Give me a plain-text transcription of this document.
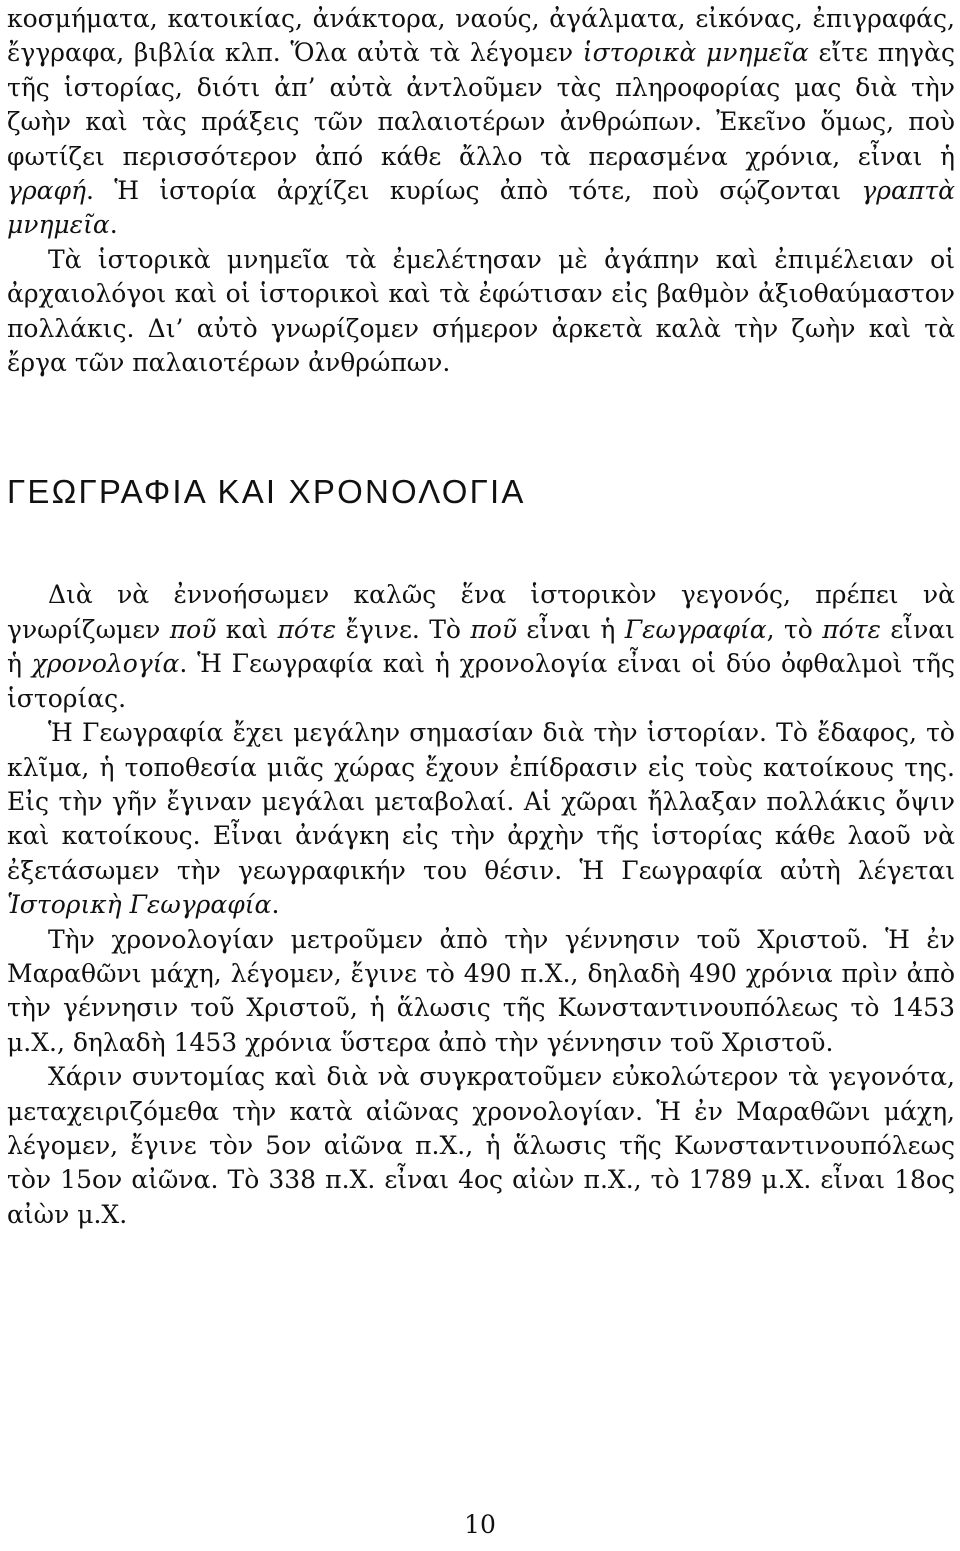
κοσμήματα, κατοικίας, ἀνάκτορα, ναούς, ἀγάλματα, εἰκόνας, ἐπιγραφάς, ἔγγραφα, βιβλία κλπ. Ὅλα αὐτὰ τὰ λέγομεν ἱστορικὰ μνημεῖα εἴτε πηγὰς τῆς ἱστορίας, διότι ἀπ’ αὐτὰ ἀντλοῦμεν τὰς πληροφορίας μας διὰ τὴν ζωὴν καὶ τὰς πράξεις τῶν παλαιοτέρων ἀνθρώπων. Ἐκεῖνο ὅμως, ποὺ φωτίζει περισσότερον ἀπό κάθε ἄλλο τὰ περασμένα χρόνια, εἶναι ἡ γραφή. Ἡ ἱστορία ἀρχίζει κυρίως ἀπὸ τότε, ποὺ σῴζονται γραπτὰ μνημεῖα.

Τὰ ἱστορικὰ μνημεῖα τὰ ἐμελέτησαν μὲ ἀγάπην καὶ ἐπιμέλειαν οἱ ἀρχαιολόγοι καὶ οἱ ἱστορικοὶ καὶ τὰ ἐφώτισαν εἰς βαθμὸν ἀξιοθαύμαστον πολλάκις. Δι’ αὐτὸ γνωρίζομεν σήμερον ἀρκετὰ καλὰ τὴν ζωὴν καὶ τὰ ἔργα τῶν παλαιοτέρων ἀνθρώπων.

ΓΕΩΓΡΑΦΙΑ ΚΑΙ ΧΡΟΝΟΛΟΓΙΑ

Διὰ νὰ ἐννοήσωμεν καλῶς ἕνα ἱστορικὸν γεγονός, πρέπει νὰ γνωρίζωμεν ποῦ καὶ πότε ἔγινε. Τὸ ποῦ εἶναι ἡ Γεωγραφία, τὸ πότε εἶναι ἡ χρονολογία. Ἡ Γεωγραφία καὶ ἡ χρονολογία εἶναι οἱ δύο ὀφθαλμοὶ τῆς ἱστορίας.

Ἡ Γεωγραφία ἔχει μεγάλην σημασίαν διὰ τὴν ἱστορίαν. Τὸ ἔδαφος, τὸ κλῖμα, ἡ τοποθεσία μιᾶς χώρας ἔχουν ἐπίδρασιν εἰς τοὺς κατοίκους της. Εἰς τὴν γῆν ἔγιναν μεγάλαι μεταβολαί. Αἱ χῶραι ἤλλαξαν πολλάκις ὄψιν καὶ κατοίκους. Εἶναι ἀνάγκη εἰς τὴν ἀρχὴν τῆς ἱστορίας κάθε λαοῦ νὰ ἐξετάσωμεν τὴν γεωγραφικήν του θέσιν. Ἡ Γεωγραφία αὐτὴ λέγεται Ἱστορικὴ Γεωγραφία.

Τὴν χρονολογίαν μετροῦμεν ἀπὸ τὴν γέννησιν τοῦ Χριστοῦ. Ἡ ἐν Μαραθῶνι μάχη, λέγομεν, ἔγινε τὸ 490 π.Χ., δηλαδὴ 490 χρόνια πρὶν ἀπὸ τὴν γέννησιν τοῦ Χριστοῦ, ἡ ἅλωσις τῆς Κωνσταντινουπόλεως τὸ 1453 μ.Χ., δηλαδὴ 1453 χρόνια ὕστερα ἀπὸ τὴν γέννησιν τοῦ Χριστοῦ.

Χάριν συντομίας καὶ διὰ νὰ συγκρατοῦμεν εὐκολώτερον τὰ γεγονότα, μεταχειριζόμεθα τὴν κατὰ αἰῶνας χρονολογίαν. Ἡ ἐν Μαραθῶνι μάχη, λέγομεν, ἔγινε τὸν 5ον αἰῶνα π.Χ., ἡ ἅλωσις τῆς Κωνσταντινουπόλεως τὸν 15ον αἰῶνα. Τὸ 338 π.Χ. εἶναι 4ος αἰὼν π.Χ., τὸ 1789 μ.Χ. εἶναι 18ος αἰὼν μ.Χ.

10
